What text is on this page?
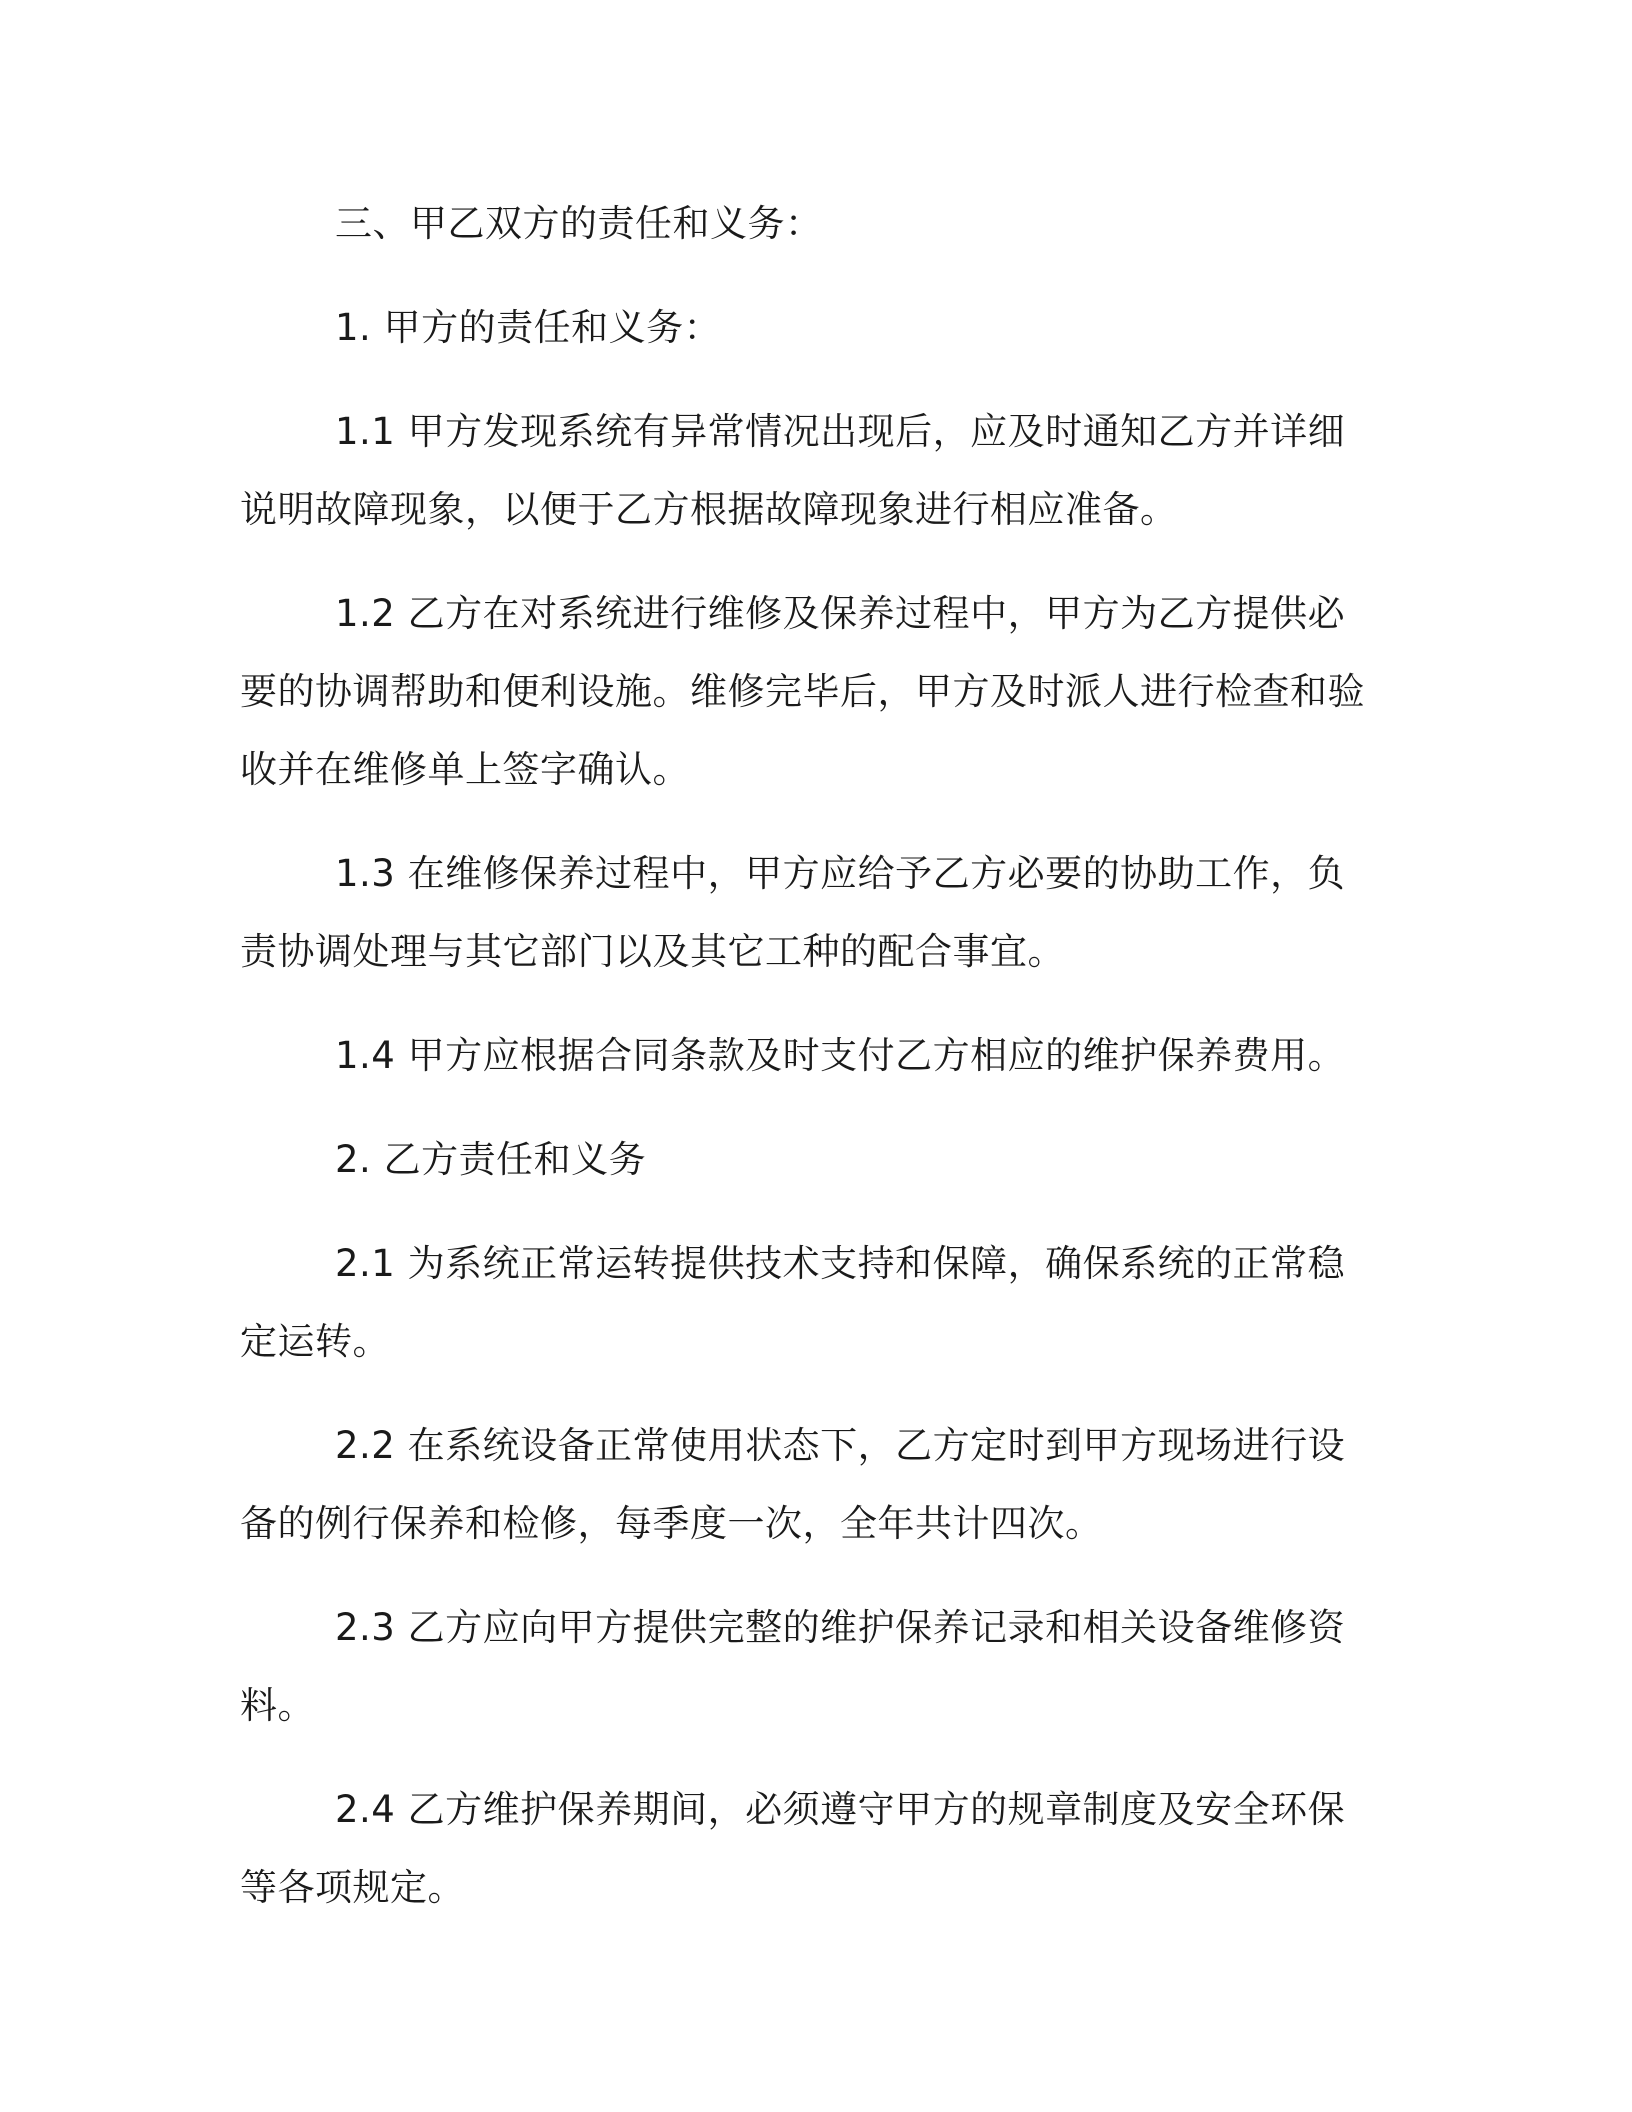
三、甲乙双方的责任和义务：

1. 甲方的责任和义务：

1.1 甲方发现系统有异常情况出现后，应及时通知乙方并详细说明故障现象，以便于乙方根据故障现象进行相应准备。

1.2 乙方在对系统进行维修及保养过程中，甲方为乙方提供必要的协调帮助和便利设施。维修完毕后，甲方及时派人进行检查和验收并在维修单上签字确认。

1.3 在维修保养过程中，甲方应给予乙方必要的协助工作，负责协调处理与其它部门以及其它工种的配合事宜。

1.4 甲方应根据合同条款及时支付乙方相应的维护保养费用。

2. 乙方责任和义务

2.1 为系统正常运转提供技术支持和保障，确保系统的正常稳定运转。

2.2 在系统设备正常使用状态下，乙方定时到甲方现场进行设备的例行保养和检修，每季度一次，全年共计四次。

2.3 乙方应向甲方提供完整的维护保养记录和相关设备维修资料。

2.4 乙方维护保养期间，必须遵守甲方的规章制度及安全环保等各项规定。
